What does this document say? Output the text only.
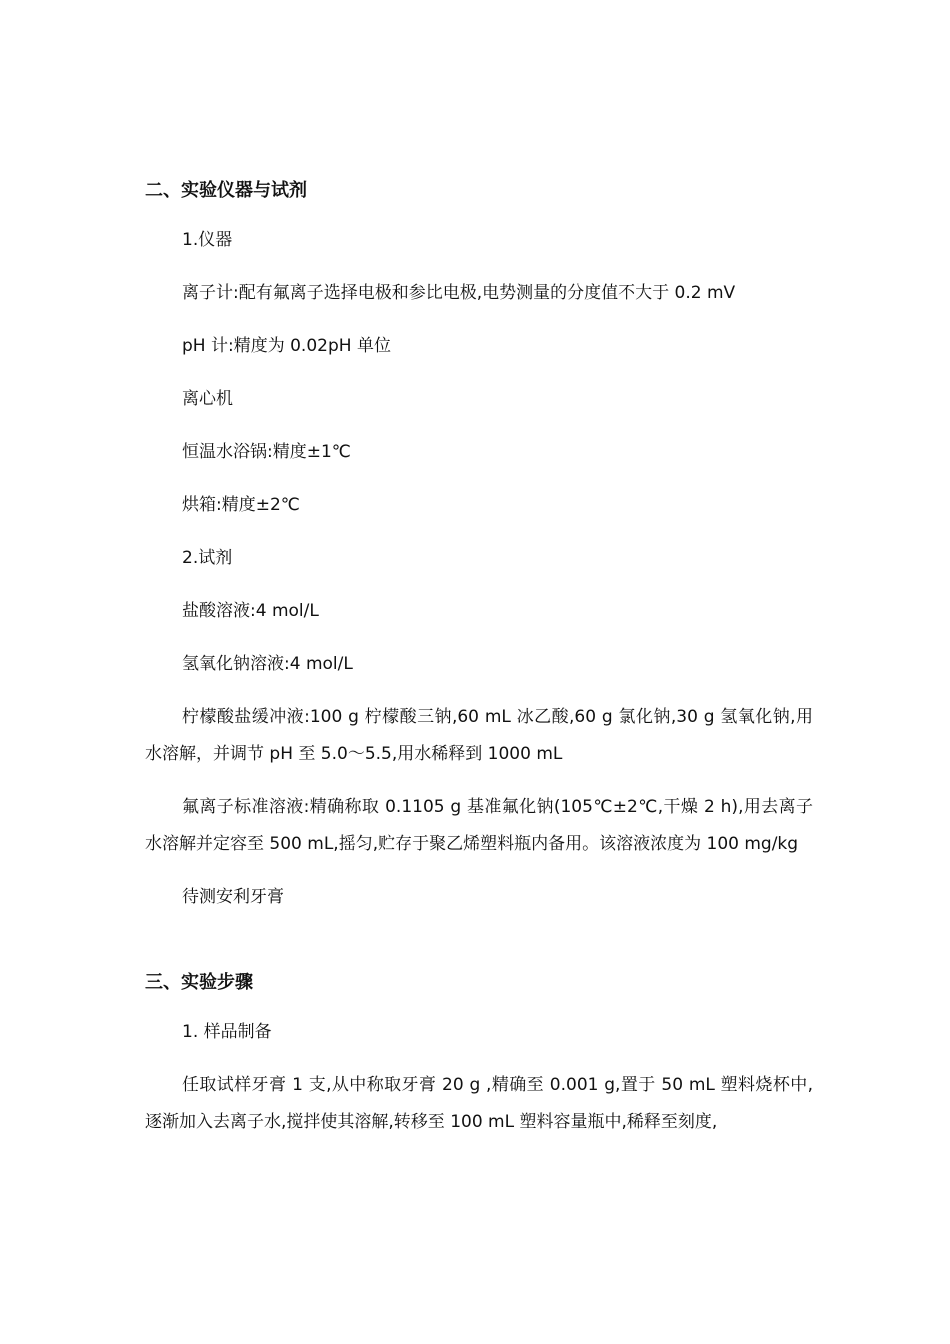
二、实验仪器与试剂
1.仪器
离子计:配有氟离子选择电极和参比电极,电势测量的分度值不大于 0.2 mV
pH 计:精度为 0.02pH 单位
离心机
恒温水浴锅:精度±1℃
烘箱:精度±2℃
2.试剂
盐酸溶液:4 mol/L
氢氧化钠溶液:4 mol/L
柠檬酸盐缓冲液:100 g 柠檬酸三钠,60 mL 冰乙酸,60 g 氯化钠,30 g 氢氧化钠,用水溶解，并调节 pH 至 5.0～5.5,用水稀释到 1000 mL
氟离子标准溶液:精确称取 0.1105 g 基准氟化钠(105℃±2℃,干燥 2 h),用去离子水溶解并定容至 500 mL,摇匀,贮存于聚乙烯塑料瓶内备用。该溶液浓度为 100 mg/kg
待测安利牙膏
三、实验步骤
1. 样品制备
任取试样牙膏 1 支,从中称取牙膏 20 g ,精确至 0.001 g,置于 50 mL 塑料烧杯中,逐渐加入去离子水,搅拌使其溶解,转移至 100 mL 塑料容量瓶中,稀释至刻度,
